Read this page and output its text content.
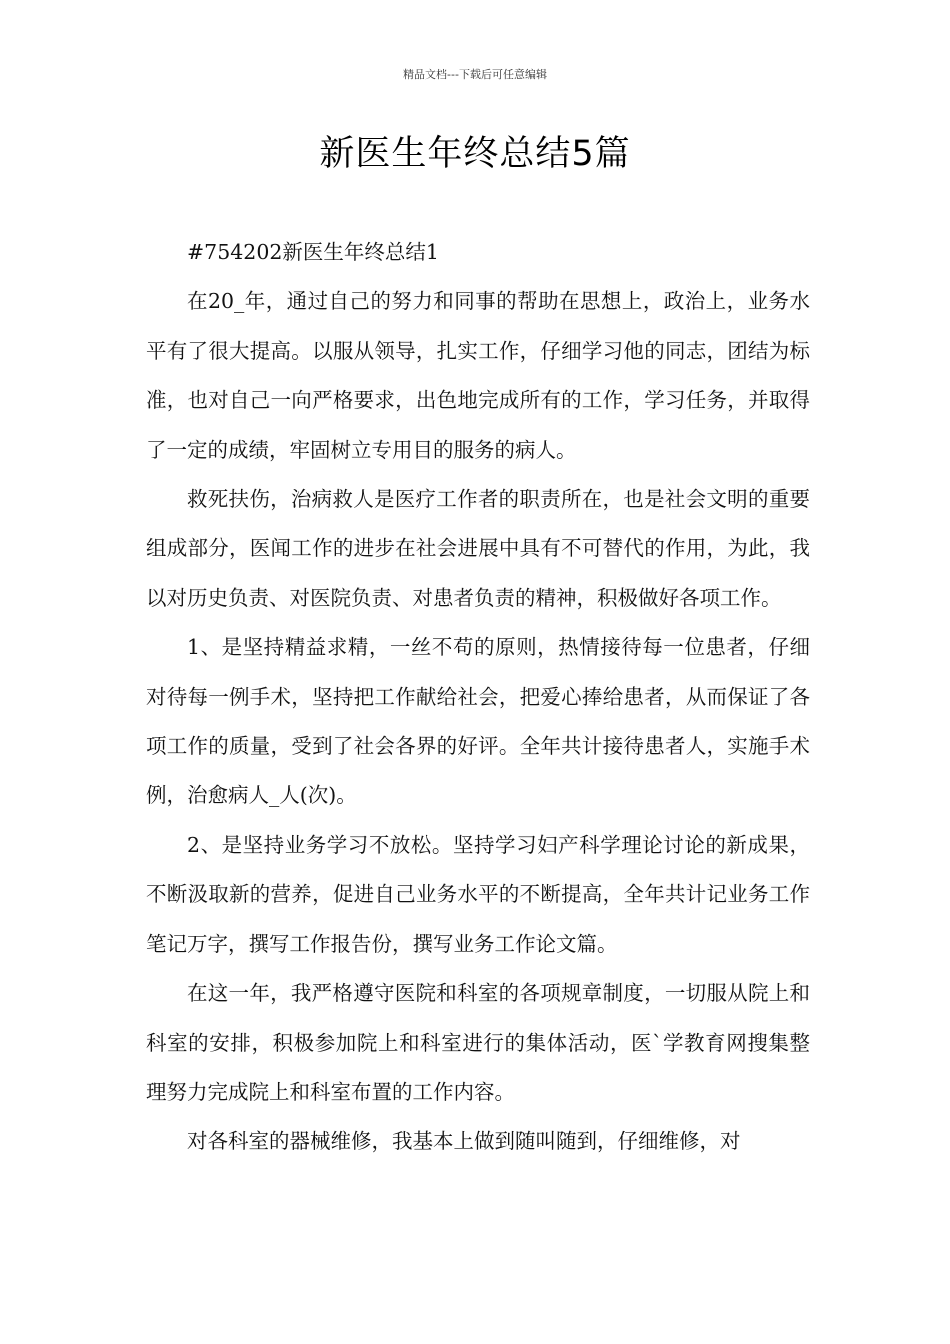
精品文档---下载后可任意编辑
新医生年终总结5篇

#754202新医生年终总结1

在20_年，通过自己的努力和同事的帮助在思想上，政治上，业务水平有了很大提高。以服从领导，扎实工作，仔细学习他的同志，团结为标准，也对自己一向严格要求，出色地完成所有的工作，学习任务，并取得了一定的成绩，牢固树立专用目的服务的病人。

救死扶伤，治病救人是医疗工作者的职责所在，也是社会文明的重要组成部分，医闻工作的进步在社会进展中具有不可替代的作用，为此，我以对历史负责、对医院负责、对患者负责的精神，积极做好各项工作。

1、是坚持精益求精，一丝不苟的原则，热情接待每一位患者，仔细对待每一例手术，坚持把工作献给社会，把爱心捧给患者，从而保证了各项工作的质量，受到了社会各界的好评。全年共计接待患者人，实施手术例，治愈病人_人(次)。

2、是坚持业务学习不放松。坚持学习妇产科学理论讨论的新成果，不断汲取新的营养，促进自己业务水平的不断提高，全年共计记业务工作笔记万字，撰写工作报告份，撰写业务工作论文篇。

在这一年，我严格遵守医院和科室的各项规章制度，一切服从院上和科室的安排，积极参加院上和科室进行的集体活动，医`学教育网搜集整理努力完成院上和科室布置的工作内容。

对各科室的器械维修，我基本上做到随叫随到，仔细维修，对
